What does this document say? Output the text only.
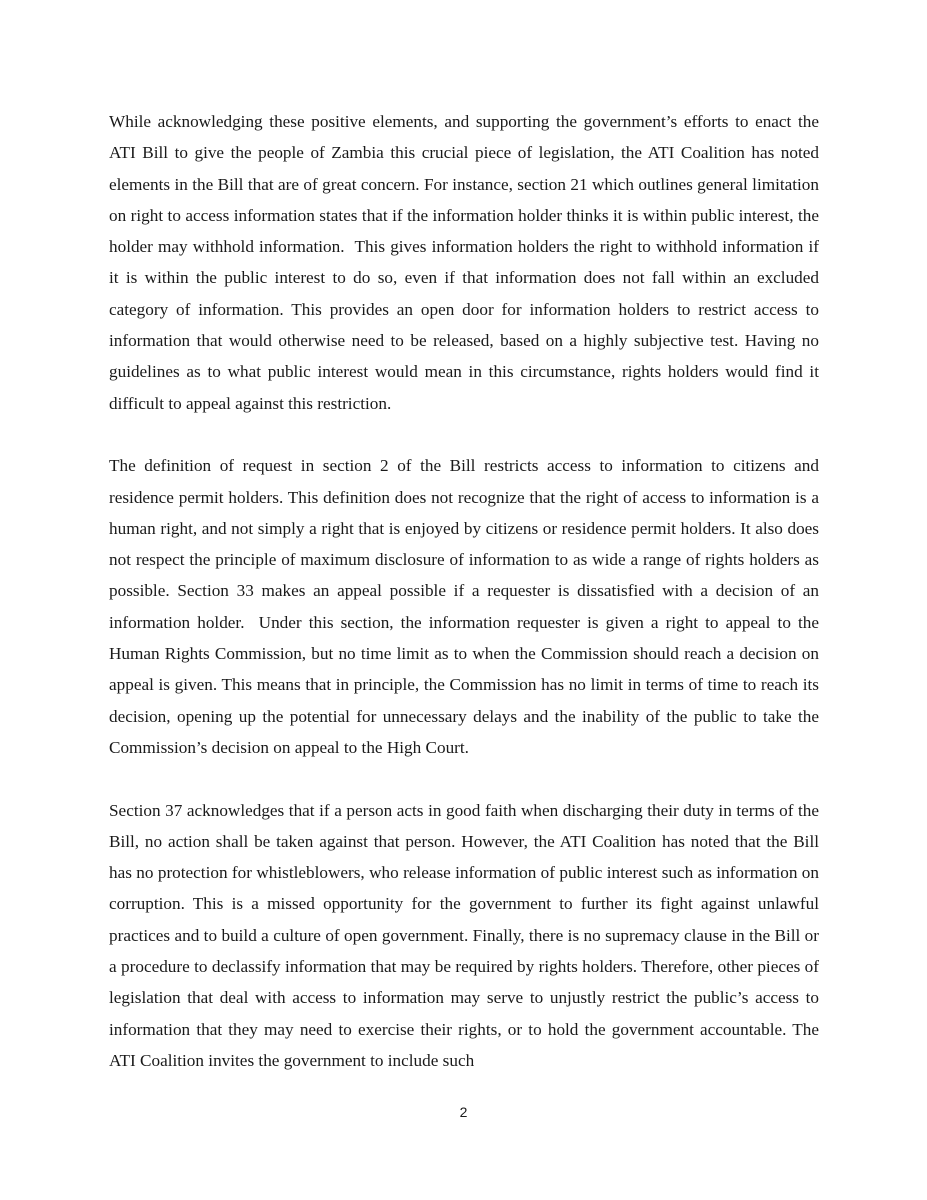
While acknowledging these positive elements, and supporting the government’s efforts to enact the ATI Bill to give the people of Zambia this crucial piece of legislation, the ATI Coalition has noted elements in the Bill that are of great concern. For instance, section 21 which outlines general limitation on right to access information states that if the information holder thinks it is within public interest, the holder may withhold information.  This gives information holders the right to withhold information if it is within the public interest to do so, even if that information does not fall within an excluded category of information. This provides an open door for information holders to restrict access to information that would otherwise need to be released, based on a highly subjective test. Having no guidelines as to what public interest would mean in this circumstance, rights holders would find it difficult to appeal against this restriction.

The definition of request in section 2 of the Bill restricts access to information to citizens and residence permit holders. This definition does not recognize that the right of access to information is a human right, and not simply a right that is enjoyed by citizens or residence permit holders. It also does not respect the principle of maximum disclosure of information to as wide a range of rights holders as possible. Section 33 makes an appeal possible if a requester is dissatisfied with a decision of an information holder.  Under this section, the information requester is given a right to appeal to the Human Rights Commission, but no time limit as to when the Commission should reach a decision on appeal is given. This means that in principle, the Commission has no limit in terms of time to reach its decision, opening up the potential for unnecessary delays and the inability of the public to take the Commission’s decision on appeal to the High Court.

Section 37 acknowledges that if a person acts in good faith when discharging their duty in terms of the Bill, no action shall be taken against that person. However, the ATI Coalition has noted that the Bill has no protection for whistleblowers, who release information of public interest such as information on corruption. This is a missed opportunity for the government to further its fight against unlawful practices and to build a culture of open government. Finally, there is no supremacy clause in the Bill or a procedure to declassify information that may be required by rights holders. Therefore, other pieces of legislation that deal with access to information may serve to unjustly restrict the public’s access to information that they may need to exercise their rights, or to hold the government accountable. The ATI Coalition invites the government to include such

2
